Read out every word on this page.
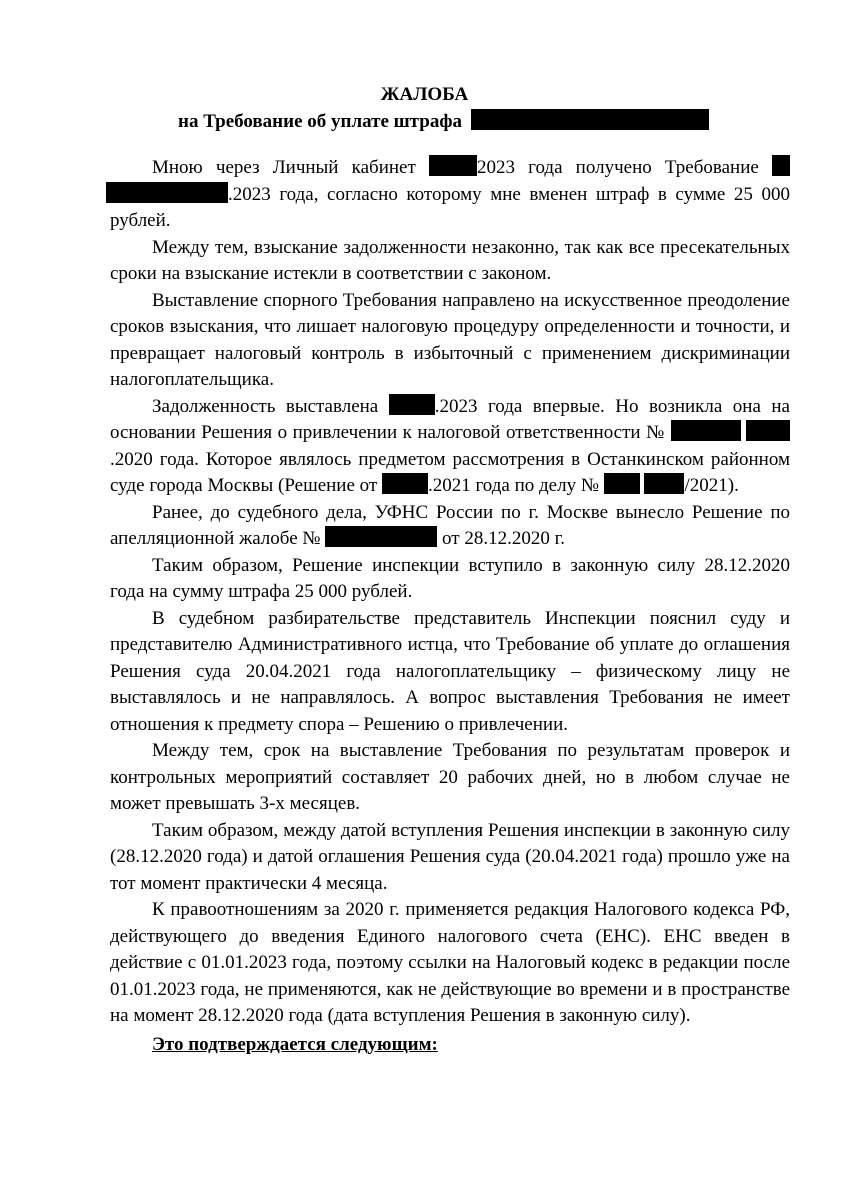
ЖАЛОБА
на Требование об уплате штрафа

Мною через Личный кабинет	2023 года получено Требование  .2023 года, согласно которому мне вменен штраф в сумме 25 000 рублей.

Между тем, взыскание задолженности незаконно, так как все пресекательных сроки на взыскание истекли в соответствии с законом.

Выставление спорного Требования направлено на искусственное преодоление сроков взыскания, что лишает налоговую процедуру определенности и точности, и превращает налоговый контроль в избыточный с применением дискриминации налогоплательщика.

Задолженность выставлена .2023 года впервые. Но возникла она на основании Решения о привлечении к налоговой ответственности №  .2020 года. Которое являлось предметом рассмотрения в Останкинском районном суде города Москвы (Решение от .2021 года по делу №	/2021).

Ранее, до судебного дела, УФНС России по г. Москве вынесло Решение по апелляционной жалобе №	от 28.12.2020 г.

Таким образом, Решение инспекции вступило в законную силу 28.12.2020 года на сумму штрафа 25 000 рублей.

В судебном разбирательстве представитель Инспекции пояснил суду и представителю Административного истца, что Требование об уплате до оглашения Решения суда 20.04.2021 года налогоплательщику – физическому лицу не выставлялось и не направлялось. А вопрос выставления Требования не имеет отношения к предмету спора – Решению о привлечении.

Между тем, срок на выставление Требования по результатам проверок и контрольных мероприятий составляет 20 рабочих дней, но в любом случае не может превышать 3-х месяцев.

Таким образом, между датой вступления Решения инспекции в законную силу (28.12.2020 года) и датой оглашения Решения суда (20.04.2021 года) прошло уже на тот момент практически 4 месяца.

К правоотношениям за 2020 г. применяется редакция Налогового кодекса РФ, действующего до введения Единого налогового счета (ЕНС). ЕНС введен в действие с 01.01.2023 года, поэтому ссылки на Налоговый кодекс в редакции после 01.01.2023 года, не применяются, как не действующие во времени и в пространстве на момент 28.12.2020 года (дата вступления Решения в законную силу).

Это подтверждается следующим:
